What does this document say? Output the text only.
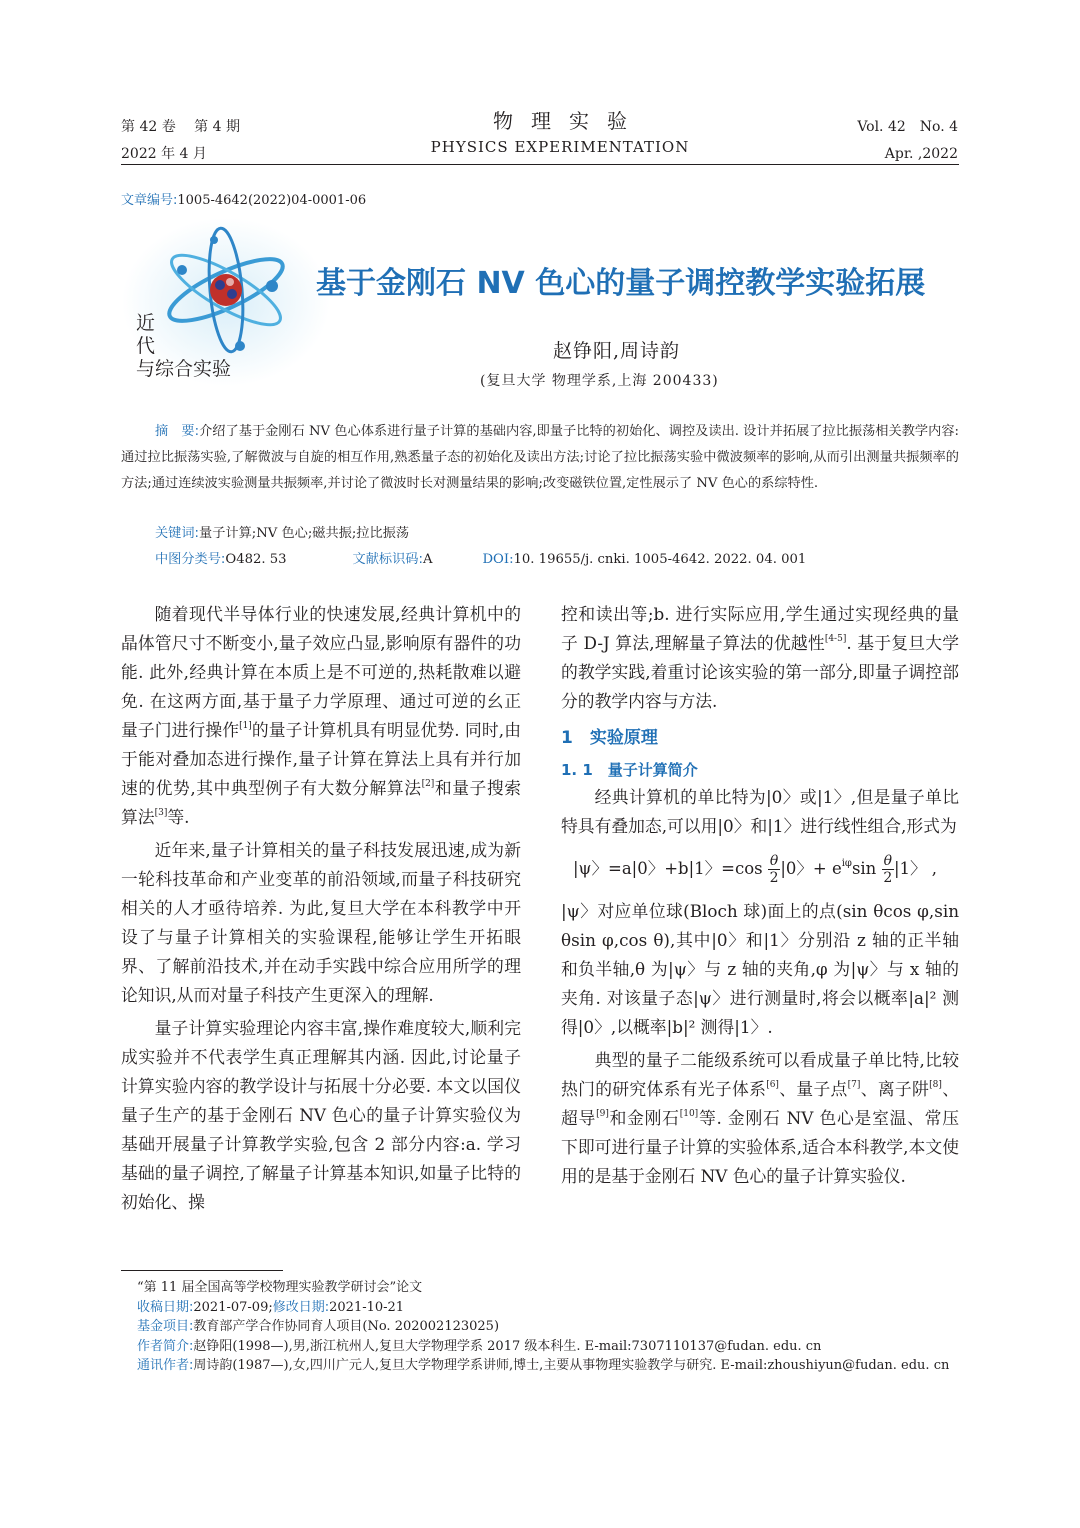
第 42 卷　 第 4 期
2022 年 4 月
物理实验
PHYSICS EXPERIMENTATION
Vol. 42　No. 4
Apr. ,2022
文章编号:1005-4642(2022)04-0001-06
近
代
与综合实验
基于金刚石 NV 色心的量子调控教学实验拓展
赵铮阳,周诗韵
(复旦大学 物理学系,上海 200433)
摘　要:介绍了基于金刚石 NV 色心体系进行量子计算的基础内容,即量子比特的初始化、调控及读出. 设计并拓展了拉比振荡相关教学内容:通过拉比振荡实验,了解微波与自旋的相互作用,熟悉量子态的初始化及读出方法;讨论了拉比振荡实验中微波频率的影响,从而引出测量共振频率的方法;通过连续波实验测量共振频率,并讨论了微波时长对测量结果的影响;改变磁铁位置,定性展示了 NV 色心的系综特性.
关键词:量子计算;NV 色心;磁共振;拉比振荡
中图分类号:O482. 53	文献标识码:A	DOI:10. 19655/j. cnki. 1005-4642. 2022. 04. 001

随着现代半导体行业的快速发展,经典计算机中的晶体管尺寸不断变小,量子效应凸显,影响原有器件的功能. 此外,经典计算在本质上是不可逆的,热耗散难以避免. 在这两方面,基于量子力学原理、通过可逆的幺正量子门进行操作[1]的量子计算机具有明显优势. 同时,由于能对叠加态进行操作,量子计算在算法上具有并行加速的优势,其中典型例子有大数分解算法[2]和量子搜索算法[3]等.

近年来,量子计算相关的量子科技发展迅速,成为新一轮科技革命和产业变革的前沿领域,而量子科技研究相关的人才亟待培养. 为此,复旦大学在本科教学中开设了与量子计算相关的实验课程,能够让学生开拓眼界、了解前沿技术,并在动手实践中综合应用所学的理论知识,从而对量子科技产生更深入的理解.

量子计算实验理论内容丰富,操作难度较大,顺利完成实验并不代表学生真正理解其内涵. 因此,讨论量子计算实验内容的教学设计与拓展十分必要. 本文以国仪量子生产的基于金刚石 NV 色心的量子计算实验仪为基础开展量子计算教学实验,包含 2 部分内容:a. 学习基础的量子调控,了解量子计算基本知识,如量子比特的初始化、操

控和读出等;b. 进行实际应用,学生通过实现经典的量子 D-J 算法,理解量子算法的优越性[4-5]. 基于复旦大学的教学实践,着重讨论该实验的第一部分,即量子调控部分的教学内容与方法.

1　实验原理
1. 1　量子计算简介

经典计算机的单比特为|0〉或|1〉,但是量子单比特具有叠加态,可以用|0〉和|1〉进行线性组合,形式为

|ψ〉=a|0〉+b|1〉$=\cos \frac{\theta}{2} |0$〉+ $e^{i\varphi}\sin \frac{\theta}{2} |1$〉 ,

|ψ〉对应单位球(Bloch 球)面上的点(sin θcos φ,sin θsin φ,cos θ),其中|0〉和|1〉分别沿 z 轴的正半轴和负半轴,θ 为|ψ〉与 z 轴的夹角,φ 为|ψ〉与 x 轴的夹角. 对该量子态|ψ〉进行测量时,将会以概率|a|² 测得|0〉,以概率|b|² 测得|1〉.

典型的量子二能级系统可以看成量子单比特,比较热门的研究体系有光子体系[6]、量子点[7]、离子阱[8]、超导[9]和金刚石[10]等. 金刚石 NV 色心是室温、常压下即可进行量子计算的实验体系,适合本科教学,本文使用的是基于金刚石 NV 色心的量子计算实验仪.

“第 11 届全国高等学校物理实验教学研讨会”论文
收稿日期:2021-07-09;修改日期:2021-10-21
基金项目:教育部产学合作协同育人项目(No. 202002123025)
作者简介:赵铮阳(1998—),男,浙江杭州人,复旦大学物理学系 2017 级本科生. E-mail:7307110137@fudan. edu. cn
通讯作者:周诗韵(1987—),女,四川广元人,复旦大学物理学系讲师,博士,主要从事物理实验教学与研究. E-mail:zhoushiyun@fudan. edu. cn
